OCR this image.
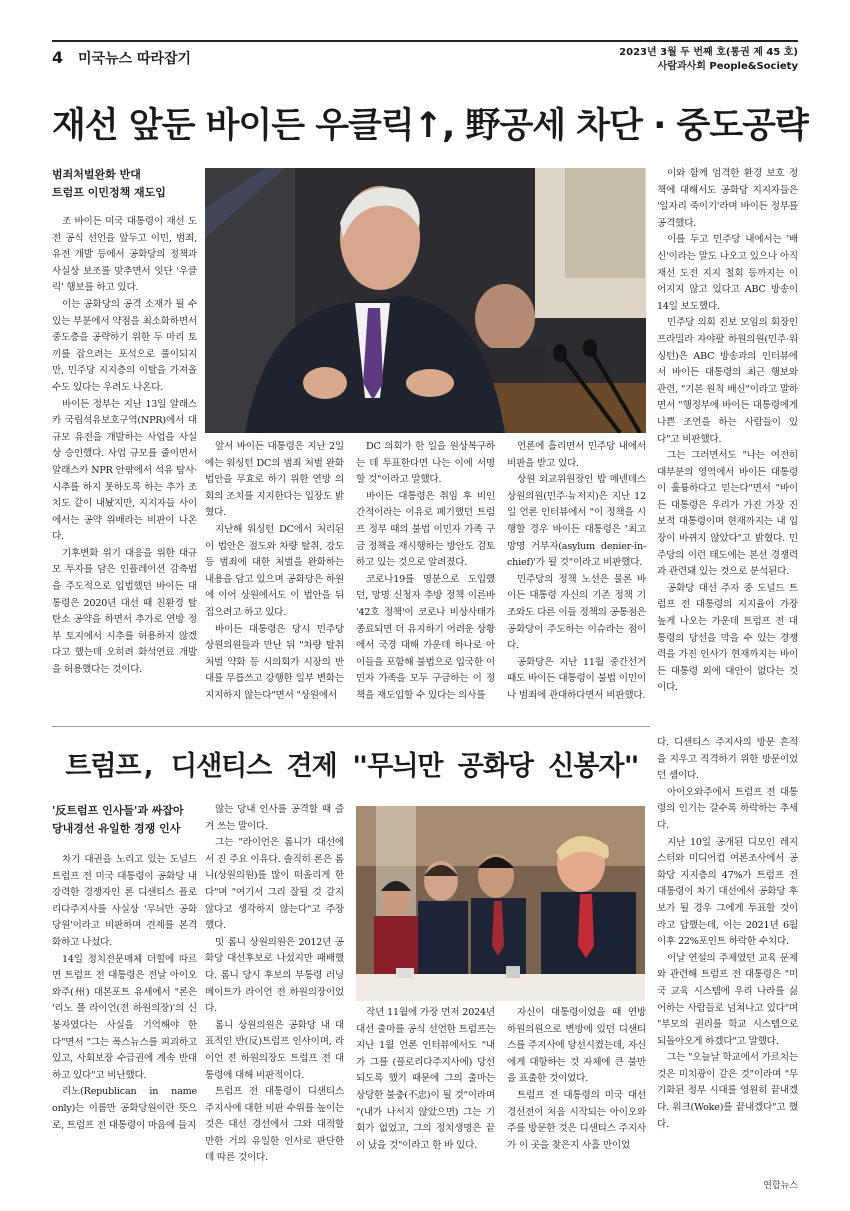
4 미국뉴스 따라잡기	2023년 3월 두 번째 호(통권 제 45 호)
사람과사회 People&Society
재선 앞둔 바이든 우클릭↑, 野공세 차단 · 중도공략
범죄처벌완화 반대
트럼프 이민정책 재도입

조 바이든 미국 대통령이 재선 도전 공식 선언을 앞두고 이민, 범죄, 유전 개발 등에서 공화당의 정책과 사실상 보조를 맞추면서 잇단 '우클릭' 행보를 하고 있다.

이는 공화당의 공격 소재가 될 수 있는 부분에서 약점을 최소화하면서 중도층을 공략하기 위한 두 마리 토끼를 잡으려는 포석으로 풀이되지만, 민주당 지지층의 이탈을 가져올 수도 있다는 우려도 나온다.

바이든 정부는 지난 13일 알래스카 국립석유보호구역(NPR)에서 대규모 유전을 개발하는 사업을 사실상 승인했다. 사업 규모를 줄이면서 알래스카 NPR 안팎에서 석유 탐사·시추를 하지 못하도록 하는 추가 조치도 같이 내놨지만, 지지자들 사이에서는 공약 위배라는 비판이 나온다.

기후변화 위기 대응을 위한 대규모 투자를 담은 인플레이션 감축법을 주도적으로 입법했던 바이든 대통령은 2020년 대선 때 친환경 탈탄소 공약을 하면서 추가로 연방 정부 토지에서 시추를 허용하지 않겠다고 했는데 오히려 화석연료 개발을 허용했다는 것이다.

앞서 바이든 대통령은 지난 2일에는 워싱턴 DC의 범죄 처벌 완화 법안을 무효로 하기 위한 연방 의회의 조치를 지지한다는 입장도 밝혔다.

지난해 워싱턴 DC에서 처리된 이 법안은 절도와 차량 탈취, 강도 등 범죄에 대한 처벌을 완화하는 내용을 담고 있으며 공화당은 하원에 이어 상원에서도 이 법안을 뒤집으려고 하고 있다.

바이든 대통령은 당시 민주당 상원의원들과 만난 뒤 "차량 탈취 처벌 약화 등 시의회가 시장의 반대를 무릅쓰고 강행한 일부 변화는 지지하지 않는다"면서 "상원에서

DC 의회가 한 일을 원상복구하는 데 투표한다면 나는 이에 서명할 것"이라고 말했다.

바이든 대통령은 취임 후 비인간적이라는 이유로 폐기했던 트럼프 정부 때의 불법 이민자 가족 구금 정책을 재시행하는 방안도 검토하고 있는 것으로 알려졌다.

코로나19를 명분으로 도입했던, 망명 신청자 추방 정책 이른바 '42호 정책'이 코로나 비상사태가 종료되면 더 유지하기 어려운 상황에서 국경 대해 가운데 하나로 아이들을 포함해 불법으로 입국한 이민자 가족을 모두 구금하는 이 정책을 재도입할 수 있다는 의사를

언론에 흘리면서 민주당 내에서 비판을 받고 있다.

상원 외교위원장인 밥 메넨데스 상원의원(민주·뉴저지)은 지난 12일 언론 인터뷰에서 "이 정책을 시행할 경우 바이든 대통령은 '최고 망명 거부자(asylum denier-in-chief)'가 될 것"이라고 비판했다.

민주당의 정책 노선은 물론 바이든 대통령 자신의 기존 정책 기조와도 다른 이들 정책의 공통점은 공화당이 주도하는 이슈라는 점이다.

공화당은 지난 11월 중간선거 때도 바이든 대통령이 불법 이민이나 범죄에 관대하다면서 비판했다.

이와 함께 엄격한 환경 보호 정책에 대해서도 공화당 지지자들은 '일자리 죽이기'라며 바이든 정부를 공격했다.

이를 두고 민주당 내에서는 '배신'이라는 말도 나오고 있으나 아직 재선 도전 지지 철회 등까지는 이어지지 않고 있다고 ABC 방송이 14일 보도했다.

민주당 의회 진보 모임의 회장인 프라밀라 자야팔 하원의원(민주·워싱턴)은 ABC 방송과의 인터뷰에서 바이든 대통령의 최근 행보와 관련, "기본 원칙 배신"이라고 말하면서 "행정부에 바이든 대통령에게 나쁜 조언을 하는 사람들이 있다"고 비판했다.

그는 그러면서도 "나는 여전히 대부분의 영역에서 바이든 대통령이 훌륭하다고 믿는다"면서 "바이든 대통령은 우리가 가진 가장 진보적 대통령이며 현재까지는 내 입장이 바뀌지 않았다"고 밝혔다. 민주당의 이런 태도에는 본선 경쟁력과 관련돼 있는 것으로 분석된다.

공화당 대선 주자 중 도널드 트럼프 전 대통령의 지지율이 가장 높게 나오는 가운데 트럼프 전 대통령의 당선을 막을 수 있는 경쟁력을 가진 인사가 현재까지는 바이든 대통령 외에 대안이 없다는 것이다.

트럼프, 디샌티스 견제 "무늬만 공화당 신봉자"
'反트럼프 인사들'과 싸잡아
당내경선 유일한 경쟁 인사

차기 대권을 노리고 있는 도널드 트럼프 전 미국 대통령이 공화당 내 강력한 경쟁자인 론 디샌티스 플로리다주지사를 사실상 '무늬만 공화당원'이라고 비판하며 견제를 본격화하고 나섰다.

14일 정치전문매체 더힐에 따르면 트럼프 전 대통령은 전날 아이오와주(州) 대본포트 유세에서 "론은 '리노 폴 라이언(전 하원의장)'의 신봉자였다는 사실을 기억해야 한다"면서 "그는 폭스뉴스를 피괴하고 있고, 사회보장 수급권에 계속 반대하고 있다"고 비난했다.

리노(Republican in name only)는 이름만 공화당원이란 뜻으로, 트럼프 전 대통령이 마음에 들지

않는 당내 인사를 공격할 때 즐겨 쓰는 말이다.

그는 "라이언은 롬니가 대선에 서 진 주요 이유다. 솔직히 론은 롬니(상원의원)를 많이 떠올리게 한다"며 "여기서 그리 잘될 것 같지 않다고 생각하지 않는다"고 주장했다.

밋 롬니 상원의원은 2012년 공화당 대선후보로 나섰지만 패배했다. 롬니 당시 후보의 부통령 러닝메이트가 라이언 전 하원의장이었다.

롬니 상원의원은 공화당 내 대표적인 반(反)트럼프 인사이며, 라이언 전 하원의장도 트럼프 전 대통령에 대해 비판적이다.

트럼프 전 대통령이 디샌티스 주지사에 대한 비판 수위를 높이는 것은 대선 경선에서 그와 대적할 만한 거의 유일한 인사로 판단한 데 따른 것이다.

작년 11월에 가장 먼저 2024년 대선 출마를 공식 선언한 트럼프는 지난 1월 언론 인터뷰에서도 "내가 그를 (플로리다주지사에) 당선되도록 했기 때문에 그의 출마는 상당한 불충(不忠)이 될 것"이라며 "(내가 나서지 않았으면) 그는 기회가 없었고, 그의 정치생명은 끝이 났을 것"이라고 한 바 있다.

자신이 대통령이었을 때 연방 하원의원으로 변방에 있던 디샌티스를 주지사에 당선시켰는데, 자신에게 대항하는 것 자체에 큰 불만을 표출한 것이었다.

트럼프 전 대통령의 미국 대선 경선전이 처음 시작되는 아이오와 주를 방문한 것은 디샌티스 주지사가 이 곳을 찾은지 사흘 만이었

다. 디샌티스 주지사의 방문 흔적을 지우고 직격하기 위한 방문이었던 셈이다.

아이오와주에서 트럼프 전 대통령의 인기는 갈수록 하락하는 추세다.

지난 10일 공개된 디모인 레지스터와 미디어컴 여론조사에서 공화당 지지층의 47%가 트럼프 전 대통령이 차기 대선에서 공화당 후보가 될 경우 그에게 투표할 것이라고 답했는데, 이는 2021년 6월 이후 22%포인트 하락한 수치다.

이날 연설의 주제였던 교육 문제와 관련해 트럼프 전 대통령은 "미국 교육 시스템에 우리 나라를 싫어하는 사람들로 넘쳐나고 있다"며 "부모의 권리를 학교 시스템으로 되돌아오게 하겠다"고 말했다.

그는 "오늘날 학교에서 가르치는 것은 미치광이 같은 것"이라며 "무기화된 정부 시대를 영원히 끝내겠다. 워크(Woke)를 끝내겠다"고 했다.

연합뉴스
